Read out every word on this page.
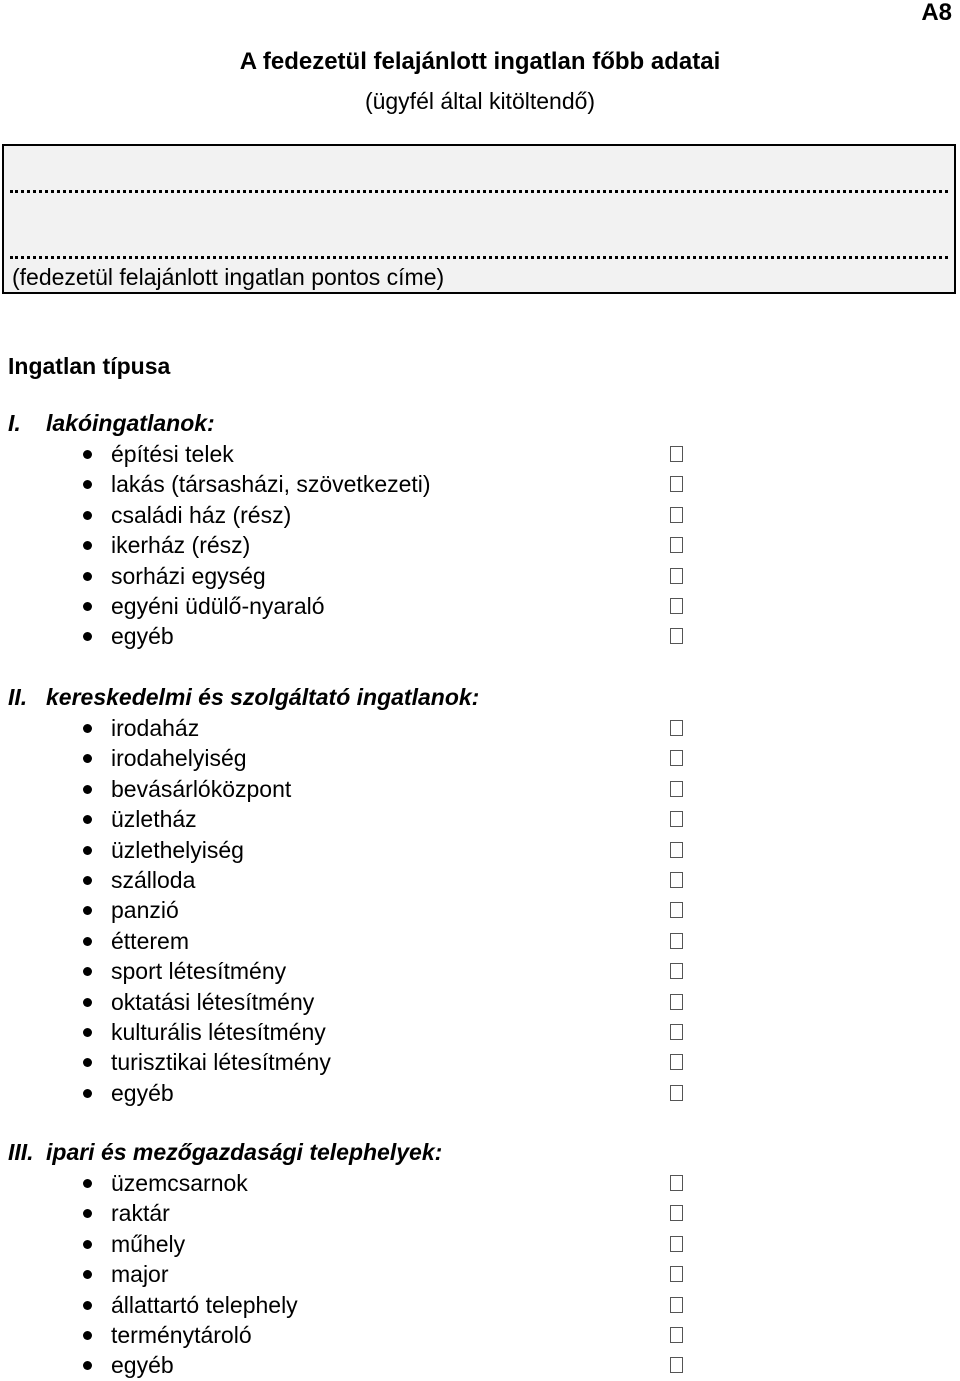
A8
A fedezetül felajánlott ingatlan főbb adatai
(ügyfél által kitöltendő)
(fedezetül felajánlott ingatlan pontos címe)
Ingatlan típusa
I. lakóingatlanok:
építési telek
lakás (társasházi, szövetkezeti)
családi ház (rész)
ikerház (rész)
sorházi egység
egyéni üdülő-nyaraló
egyéb
II. kereskedelmi és szolgáltató ingatlanok:
irodaház
irodahelyiség
bevásárlóközpont
üzletház
üzlethelyiség
szálloda
panzió
étterem
sport létesítmény
oktatási létesítmény
kulturális létesítmény
turisztikai létesítmény
egyéb
III. ipari és mezőgazdasági telephelyek:
üzemcsarnok
raktár
műhely
major
állattartó telephely
terménytároló
egyéb
